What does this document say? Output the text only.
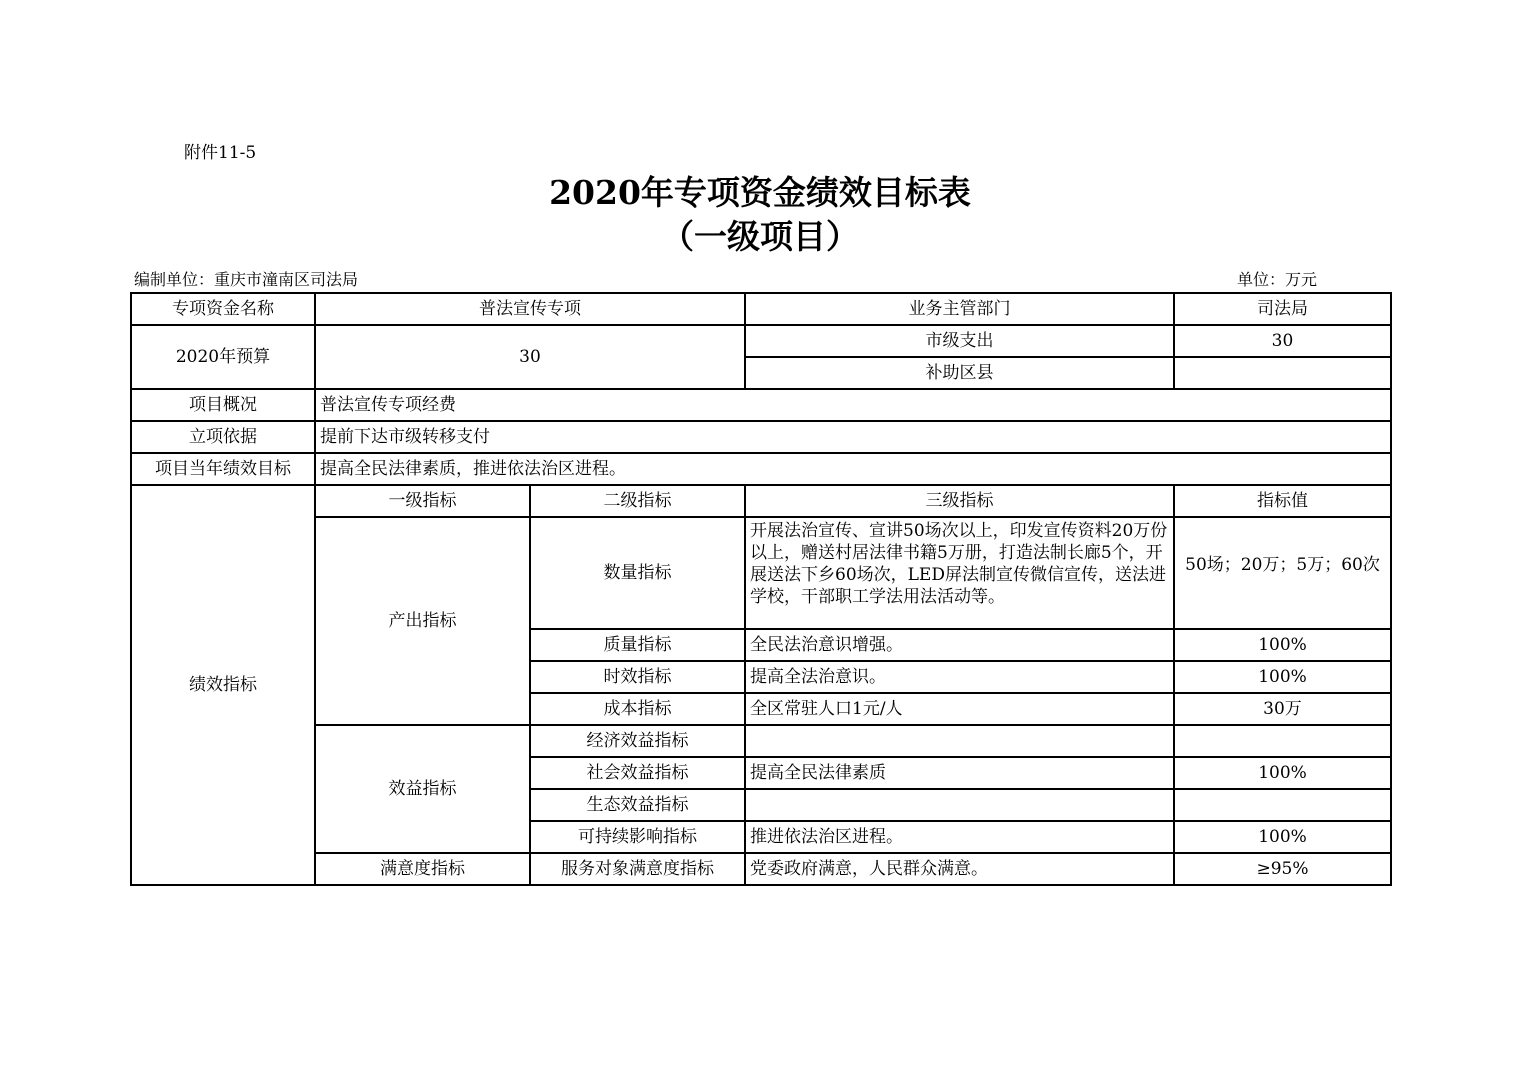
附件11-5
2020年专项资金绩效目标表
（一级项目）
编制单位：重庆市潼南区司法局	单位：万元
专项资金名称	普法宣传专项		业务主管部门	司法局
2020年预算	30		市级支出	30
			补助区县	
项目概况	普法宣传专项经费			
立项依据	提前下达市级转移支付			
项目当年绩效目标	提高全民法律素质，推进依法治区进程。			
绩效指标	一级指标	二级指标	三级指标	指标值
	产出指标	数量指标	开展法治宣传、宣讲50场次以上，印发宣传资料20万份以上，赠送村居法律书籍5万册，打造法制长廊5个，开展送法下乡60场次，LED屏法制宣传微信宣传，送法进学校，干部职工学法用法活动等。	50场；20万；5万；60次
		质量指标	全民法治意识增强。	100%
		时效指标	提高全法治意识。	100%
		成本指标	全区常驻人口1元/人	30万
	效益指标	经济效益指标		
		社会效益指标	提高全民法律素质	100%
		生态效益指标		
		可持续影响指标	推进依法治区进程。	100%
	满意度指标	服务对象满意度指标	党委政府满意，人民群众满意。	≥95%
